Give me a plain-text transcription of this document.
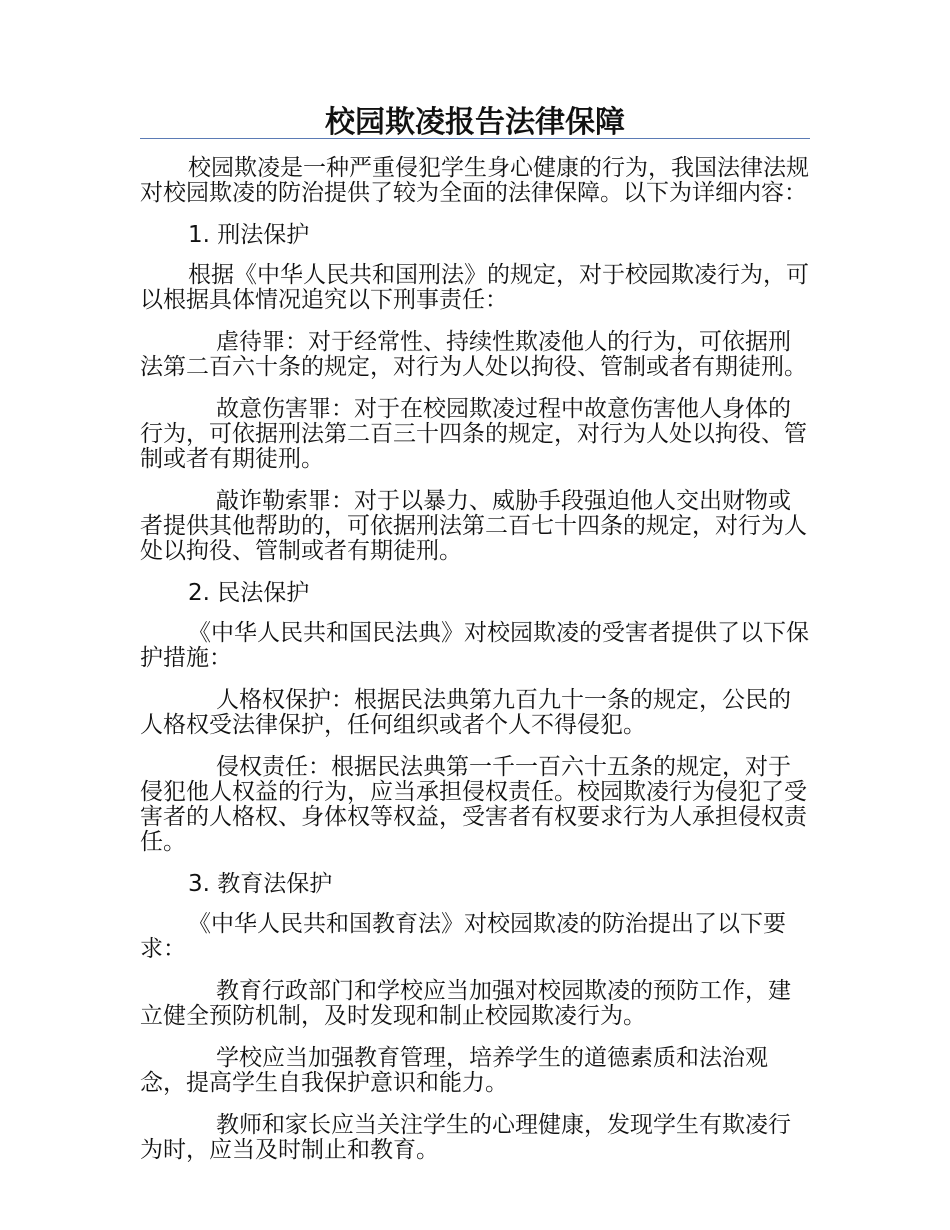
校园欺凌报告法律保障

校园欺凌是一种严重侵犯学生身心健康的行为，我国法律法规对校园欺凌的防治提供了较为全面的法律保障。以下为详细内容：

1. 刑法保护

根据《中华人民共和国刑法》的规定，对于校园欺凌行为，可以根据具体情况追究以下刑事责任：

虐待罪：对于经常性、持续性欺凌他人的行为，可依据刑法第二百六十条的规定，对行为人处以拘役、管制或者有期徒刑。

故意伤害罪：对于在校园欺凌过程中故意伤害他人身体的行为，可依据刑法第二百三十四条的规定，对行为人处以拘役、管制或者有期徒刑。

敲诈勒索罪：对于以暴力、威胁手段强迫他人交出财物或者提供其他帮助的，可依据刑法第二百七十四条的规定，对行为人处以拘役、管制或者有期徒刑。

2. 民法保护

《中华人民共和国民法典》对校园欺凌的受害者提供了以下保护措施：

人格权保护：根据民法典第九百九十一条的规定，公民的人格权受法律保护，任何组织或者个人不得侵犯。

侵权责任：根据民法典第一千一百六十五条的规定，对于侵犯他人权益的行为，应当承担侵权责任。校园欺凌行为侵犯了受害者的人格权、身体权等权益，受害者有权要求行为人承担侵权责任。

3. 教育法保护

《中华人民共和国教育法》对校园欺凌的防治提出了以下要求：

教育行政部门和学校应当加强对校园欺凌的预防工作，建立健全预防机制，及时发现和制止校园欺凌行为。

学校应当加强教育管理，培养学生的道德素质和法治观念，提高学生自我保护意识和能力。

教师和家长应当关注学生的心理健康，发现学生有欺凌行为时，应当及时制止和教育。
